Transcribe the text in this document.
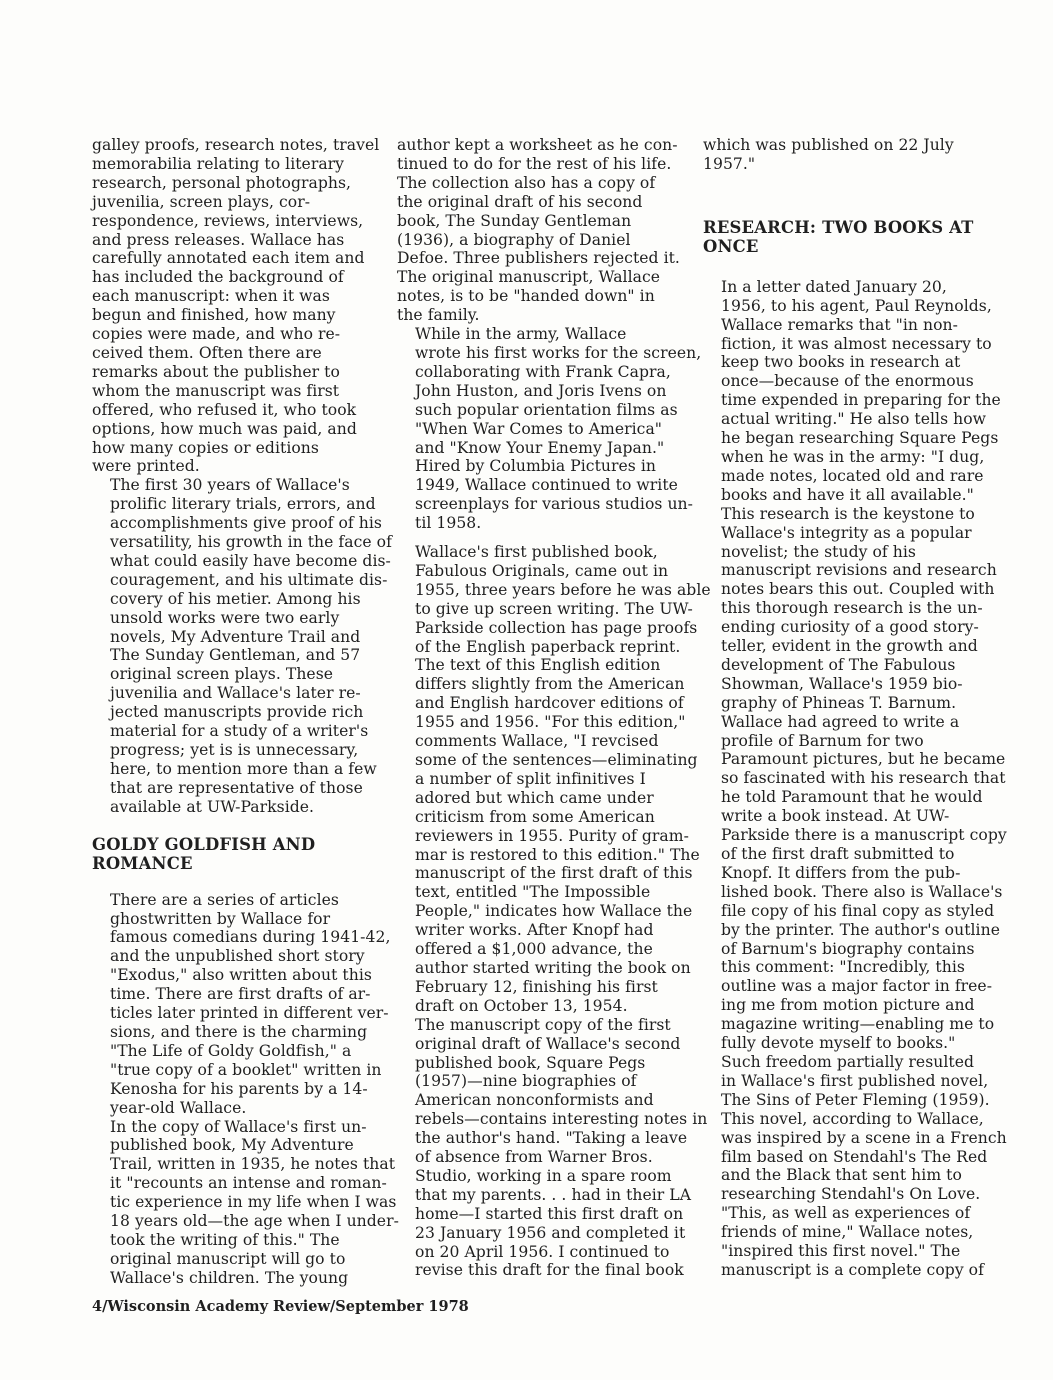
galley proofs, research notes, travel
memorabilia relating to literary
research, personal photographs,
juvenilia, screen plays, cor-
respondence, reviews, interviews,
and press releases. Wallace has
carefully annotated each item and
has included the background of
each manuscript: when it was
begun and finished, how many
copies were made, and who re-
ceived them. Often there are
remarks about the publisher to
whom the manuscript was first
offered, who refused it, who took
options, how much was paid, and
how many copies or editions
were printed.

The first 30 years of Wallace's
prolific literary trials, errors, and
accomplishments give proof of his
versatility, his growth in the face of
what could easily have become dis-
couragement, and his ultimate dis-
covery of his metier. Among his
unsold works were two early
novels, My Adventure Trail and
The Sunday Gentleman, and 57
original screen plays. These
juvenilia and Wallace's later re-
jected manuscripts provide rich
material for a study of a writer's
progress; yet is is unnecessary,
here, to mention more than a few
that are representative of those
available at UW-Parkside.

GOLDY GOLDFISH AND
ROMANCE

There are a series of articles
ghostwritten by Wallace for
famous comedians during 1941-42,
and the unpublished short story
"Exodus," also written about this
time. There are first drafts of ar-
ticles later printed in different ver-
sions, and there is the charming
"The Life of Goldy Goldfish," a
"true copy of a booklet" written in
Kenosha for his parents by a 14-
year-old Wallace.

In the copy of Wallace's first un-
published book, My Adventure
Trail, written in 1935, he notes that
it "recounts an intense and roman-
tic experience in my life when I was
18 years old—the age when I under-
took the writing of this." The
original manuscript will go to
Wallace's children. The young

author kept a worksheet as he con-
tinued to do for the rest of his life.
The collection also has a copy of
the original draft of his second
book, The Sunday Gentleman
(1936), a biography of Daniel
Defoe. Three publishers rejected it.
The original manuscript, Wallace
notes, is to be "handed down" in
the family.

While in the army, Wallace
wrote his first works for the screen,
collaborating with Frank Capra,
John Huston, and Joris Ivens on
such popular orientation films as
"When War Comes to America"
and "Know Your Enemy Japan."
Hired by Columbia Pictures in
1949, Wallace continued to write
screenplays for various studios un-
til 1958.

Wallace's first published book,
Fabulous Originals, came out in
1955, three years before he was able
to give up screen writing. The UW-
Parkside collection has page proofs
of the English paperback reprint.
The text of this English edition
differs slightly from the American
and English hardcover editions of
1955 and 1956. "For this edition,"
comments Wallace, "I revcised
some of the sentences—eliminating
a number of split infinitives I
adored but which came under
criticism from some American
reviewers in 1955. Purity of gram-
mar is restored to this edition." The
manuscript of the first draft of this
text, entitled "The Impossible
People," indicates how Wallace the
writer works. After Knopf had
offered a $1,000 advance, the
author started writing the book on
February 12, finishing his first
draft on October 13, 1954.

The manuscript copy of the first
original draft of Wallace's second
published book, Square Pegs
(1957)—nine biographies of
American nonconformists and
rebels—contains interesting notes in
the author's hand. "Taking a leave
of absence from Warner Bros.
Studio, working in a spare room
that my parents. . . had in their LA
home—I started this first draft on
23 January 1956 and completed it
on 20 April 1956. I continued to
revise this draft for the final book

which was published on 22 July
1957."

RESEARCH: TWO BOOKS AT
ONCE

In a letter dated January 20,
1956, to his agent, Paul Reynolds,
Wallace remarks that "in non-
fiction, it was almost necessary to
keep two books in research at
once—because of the enormous
time expended in preparing for the
actual writing." He also tells how
he began researching Square Pegs
when he was in the army: "I dug,
made notes, located old and rare
books and have it all available."
This research is the keystone to
Wallace's integrity as a popular
novelist; the study of his
manuscript revisions and research
notes bears this out. Coupled with
this thorough research is the un-
ending curiosity of a good story-
teller, evident in the growth and
development of The Fabulous
Showman, Wallace's 1959 bio-
graphy of Phineas T. Barnum.

Wallace had agreed to write a
profile of Barnum for two
Paramount pictures, but he became
so fascinated with his research that
he told Paramount that he would
write a book instead. At UW-
Parkside there is a manuscript copy
of the first draft submitted to
Knopf. It differs from the pub-
lished book. There also is Wallace's
file copy of his final copy as styled
by the printer. The author's outline
of Barnum's biography contains
this comment: "Incredibly, this
outline was a major factor in free-
ing me from motion picture and
magazine writing—enabling me to
fully devote myself to books."

Such freedom partially resulted
in Wallace's first published novel,
The Sins of Peter Fleming (1959).
This novel, according to Wallace,
was inspired by a scene in a French
film based on Stendahl's The Red
and the Black that sent him to
researching Stendahl's On Love.
"This, as well as experiences of
friends of mine," Wallace notes,
"inspired this first novel." The
manuscript is a complete copy of

4/Wisconsin Academy Review/September 1978
